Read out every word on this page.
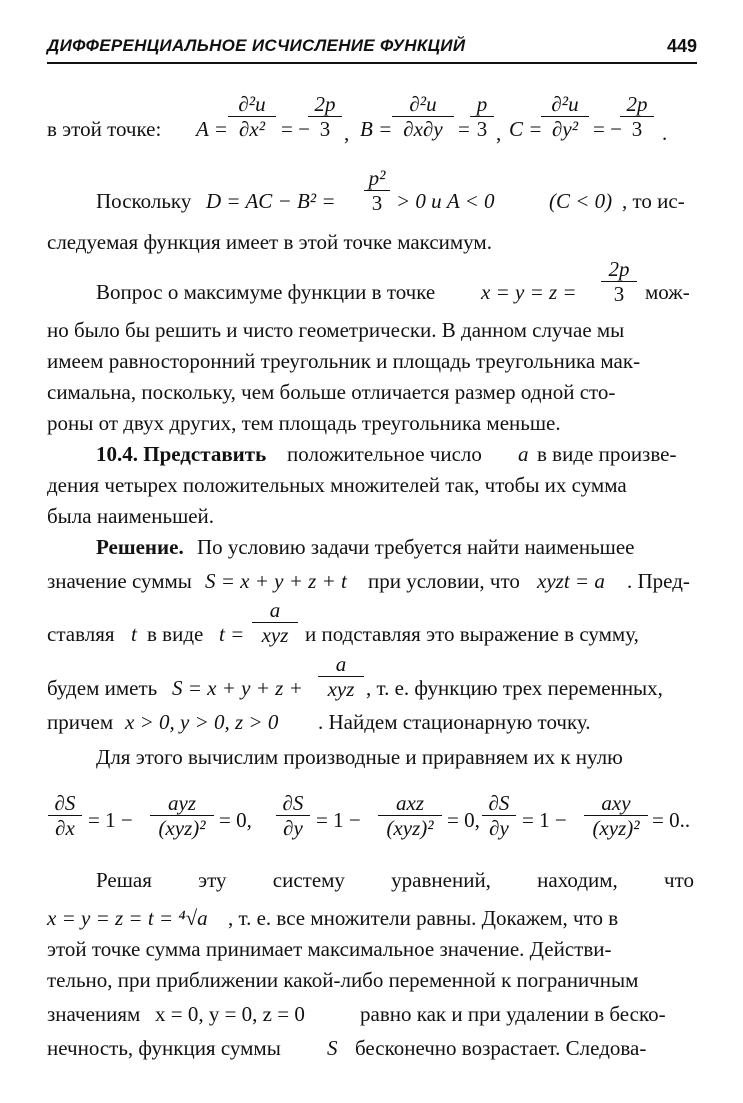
ДИФФЕРЕНЦИАЛЬНОЕ ИСЧИСЛЕНИЕ ФУНКЦИЙ	449
в этой точке: $A = \frac{\text{∂²u}}{\text{∂x²}}$ = −
$\frac{2p}{3}$ , $B = \frac{\text{∂²u}}{\partial x\partial y} = \frac{p}{3}$ , C =
$\frac{\text{∂²u}}{\text{∂y²}}$ = −
$\frac{2p}{3}$ .
Поскольку D = AC − $B^2 = \frac{\text{p²}}{3} > 0$ и A < 0	(C < 0) , то ис-
следуемая функция имеет в этой точке максимум.
Вопрос о максимуме функции в точке $x = y = z = \frac{2p}{3} мож-$
но было бы решить и чисто геометрически. В данном случае мы
имеем равносторонний треугольник и площадь треугольника мак-
симальна, поскольку, чем больше отличается размер одной сто-
роны от двух других, тем площадь треугольника меньше.
10.4. Представить положительное число a в виде произве-
дения четырех положительных множителей так, чтобы их сумма
была наименьшей.
Решение. По условию задачи требуется найти наименьшее
значение суммы S = x + y + z + t при условии, что xyzt = a . Пред-
ставляя t в виде t =
a
xyz и подставляя это выражение в сумму,
будем иметь S = x + y + z +
a
xyz , т. е. функцию трех переменных,
причем x > 0, y > 0, z > 0 . Найдем стационарную точку.
Для этого вычислим производные и приравняем их к нулю
$\frac{\partial S}{\partial x} = 1$ −
ayz
(xyz)² = 0, $\frac{\partial S}{\partial y} = 1$ −
axz
(xyz)² = 0, $\frac{\partial S}{\partial y} = 1$ −
axy
(xyz)² = 0..
Решая эту систему уравнений, находим, что
x = y = z = t = ⁴√a , т. е. все множители равны. Докажем, что в
этой точке сумма принимает максимальное значение. Действи-
тельно, при приближении какой-либо переменной к пограничным
значениям x = 0, y = 0, z = 0	равно как и при удалении в беско-
нечность, функция суммы S бесконечно возрастает. Следова-
